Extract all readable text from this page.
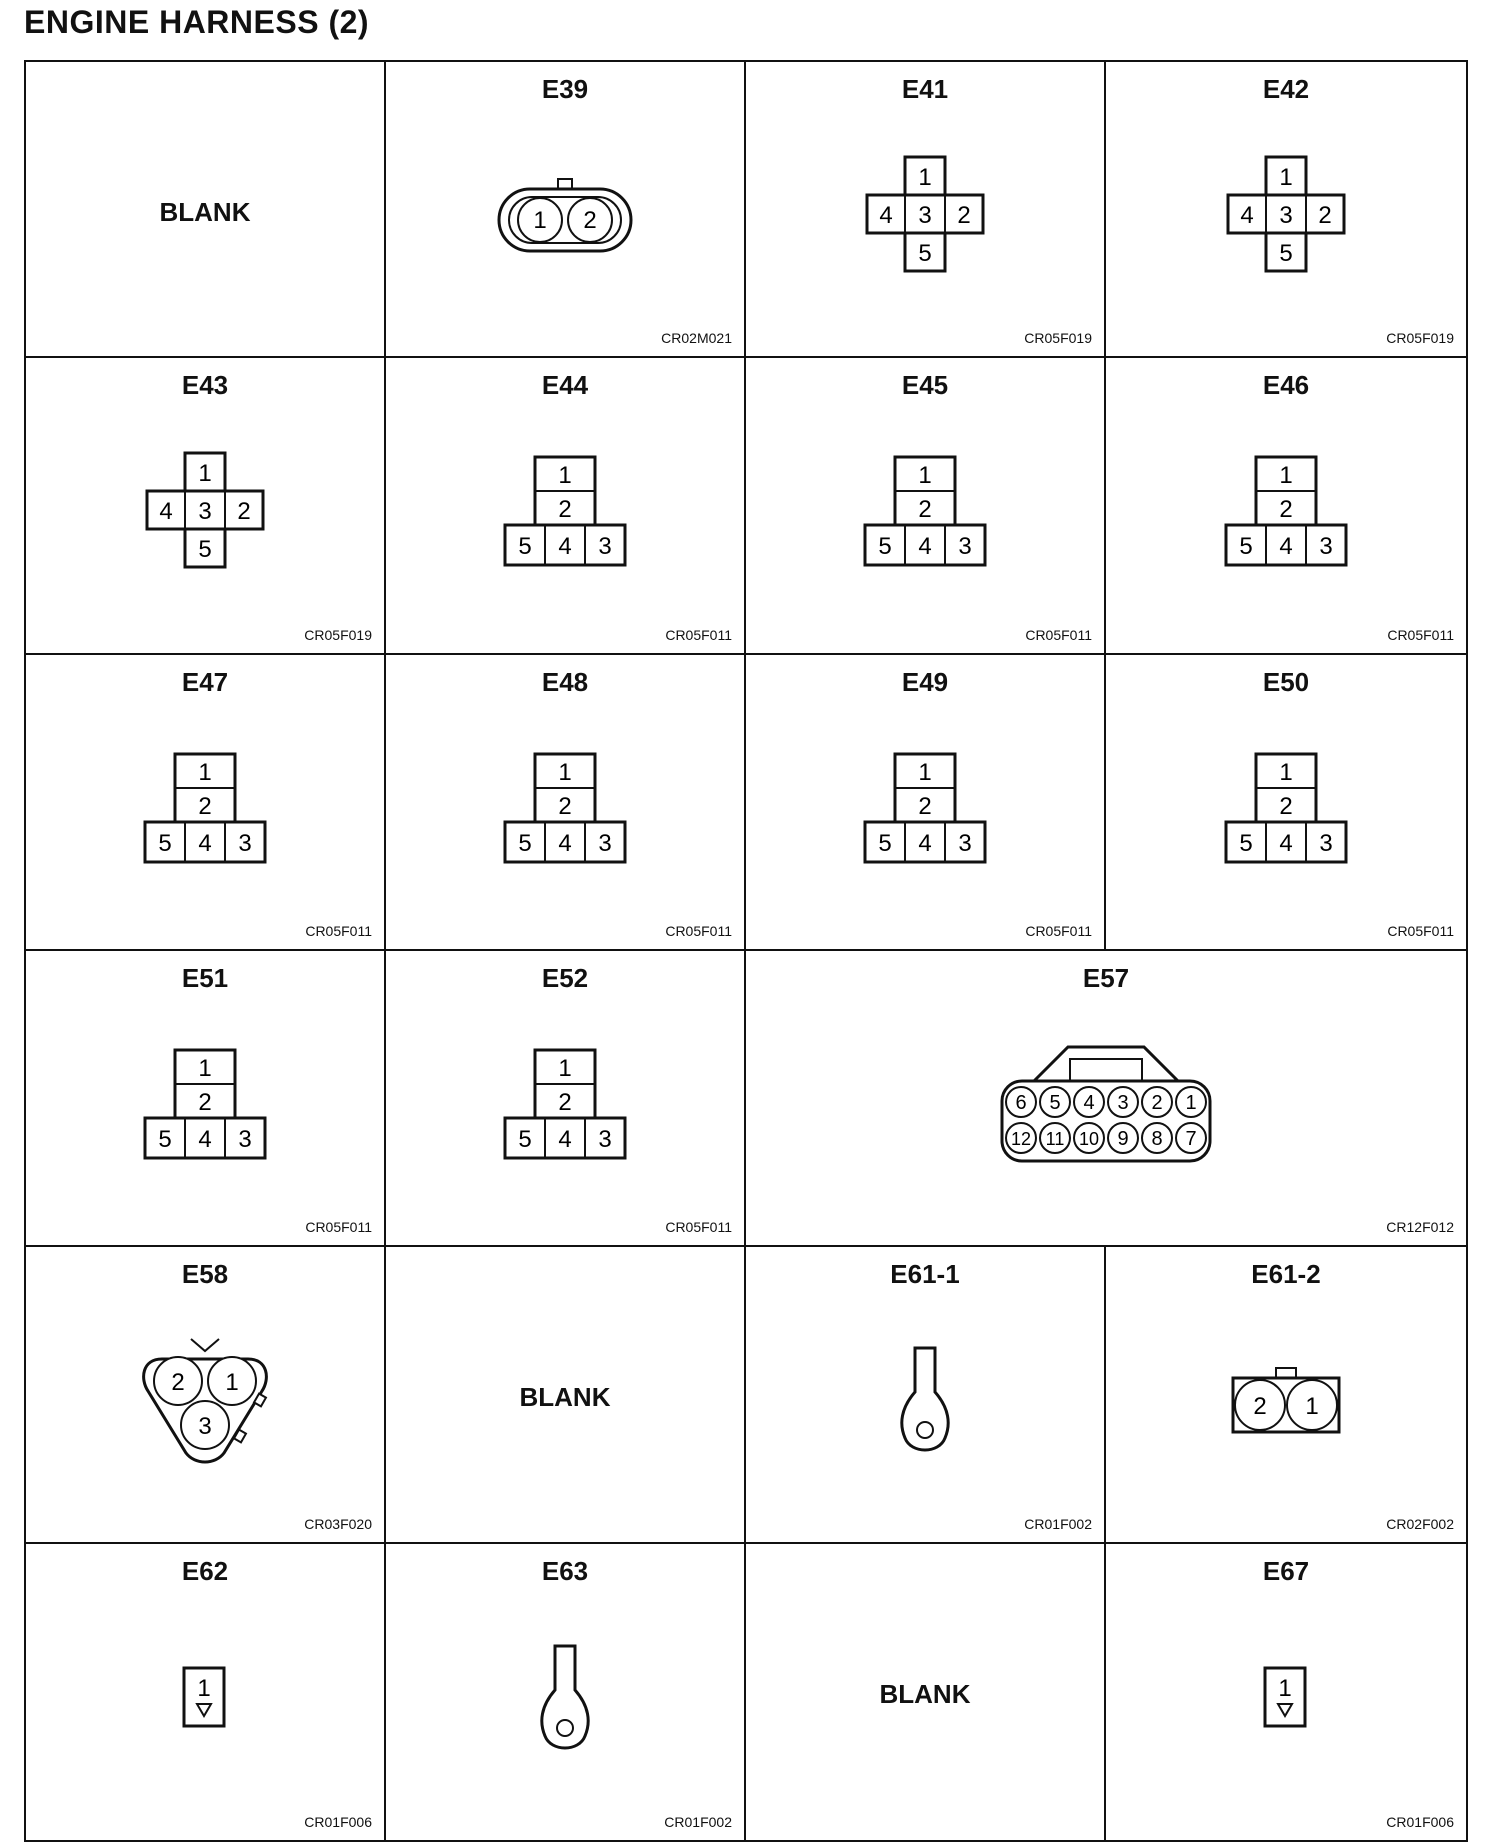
ENGINE HARNESS (2)
BLANK
E39
1 2
CR02M021
E41
1
4 3 2
5
CR05F019
E42
1
4 3 2
5
CR05F019
E43
1
4 3 2
5
CR05F019
E44
1
2
5 4 3
CR05F011
E45
1
2
5 4 3
CR05F011
E46
1
2
5 4 3
CR05F011
E47
1
2
5 4 3
CR05F011
E48
1
2
5 4 3
CR05F011
E49
1
2
5 4 3
CR05F011
E50
1
2
5 4 3
CR05F011
E51
1
2
5 4 3
CR05F011
E52
1
2
5 4 3
CR05F011
E57
6 5 4 3 2 1
12 11 10 9 8 7
CR12F012
E58
2 1
3
CR03F020
BLANK
E61-1
CR01F002
E61-2
2 1
CR02F002
E62
1
CR01F006
E63
CR01F002
BLANK
E67
1
CR01F006
